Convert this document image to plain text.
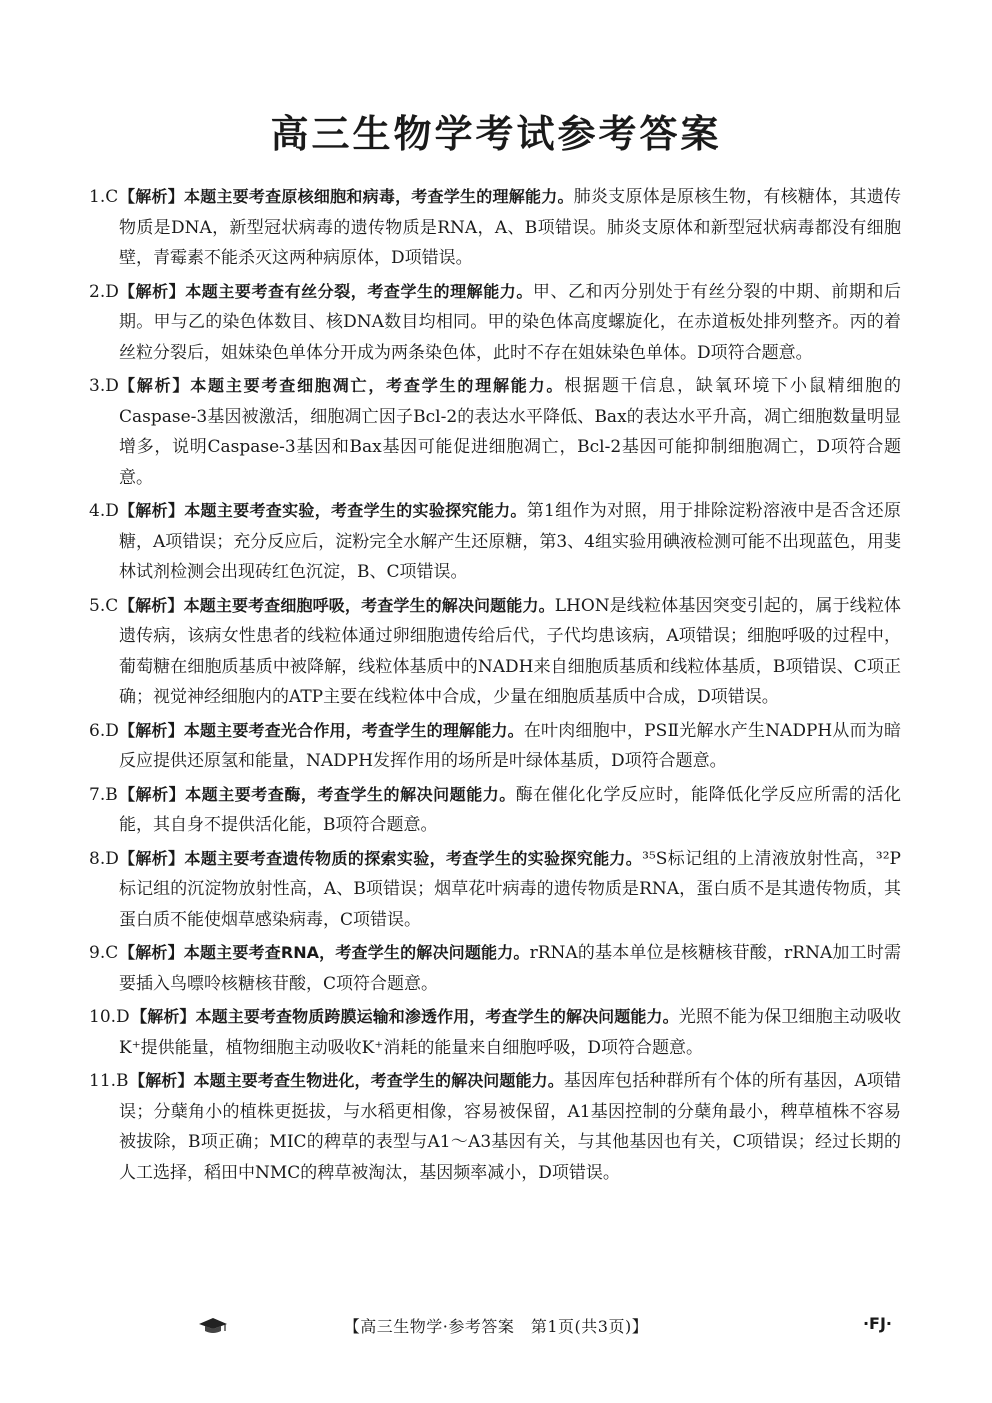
高三生物学考试参考答案
1.C 【解析】本题主要考查原核细胞和病毒，考查学生的理解能力。肺炎支原体是原核生物，有核糖体，其遗传物质是DNA，新型冠状病毒的遗传物质是RNA，A、B项错误。肺炎支原体和新型冠状病毒都没有细胞壁，青霉素不能杀灭这两种病原体，D项错误。
2.D 【解析】本题主要考查有丝分裂，考查学生的理解能力。甲、乙和丙分别处于有丝分裂的中期、前期和后期。甲与乙的染色体数目、核DNA数目均相同。甲的染色体高度螺旋化，在赤道板处排列整齐。丙的着丝粒分裂后，姐妹染色单体分开成为两条染色体，此时不存在姐妹染色单体。D项符合题意。
3.D 【解析】本题主要考查细胞凋亡，考查学生的理解能力。根据题干信息，缺氧环境下小鼠精细胞的Caspase-3基因被激活，细胞凋亡因子Bcl-2的表达水平降低、Bax的表达水平升高，凋亡细胞数量明显增多，说明Caspase-3基因和Bax基因可能促进细胞凋亡，Bcl-2基因可能抑制细胞凋亡，D项符合题意。
4.D 【解析】本题主要考查实验，考查学生的实验探究能力。第1组作为对照，用于排除淀粉溶液中是否含还原糖，A项错误；充分反应后，淀粉完全水解产生还原糖，第3、4组实验用碘液检测可能不出现蓝色，用斐林试剂检测会出现砖红色沉淀，B、C项错误。
5.C 【解析】本题主要考查细胞呼吸，考查学生的解决问题能力。LHON是线粒体基因突变引起的，属于线粒体遗传病，该病女性患者的线粒体通过卵细胞遗传给后代，子代均患该病，A项错误；细胞呼吸的过程中，葡萄糖在细胞质基质中被降解，线粒体基质中的NADH来自细胞质基质和线粒体基质，B项错误、C项正确；视觉神经细胞内的ATP主要在线粒体中合成，少量在细胞质基质中合成，D项错误。
6.D 【解析】本题主要考查光合作用，考查学生的理解能力。在叶肉细胞中，PSⅡ光解水产生NADPH从而为暗反应提供还原氢和能量，NADPH发挥作用的场所是叶绿体基质，D项符合题意。
7.B 【解析】本题主要考查酶，考查学生的解决问题能力。酶在催化化学反应时，能降低化学反应所需的活化能，其自身不提供活化能，B项符合题意。
8.D 【解析】本题主要考查遗传物质的探索实验，考查学生的实验探究能力。³⁵S标记组的上清液放射性高，³²P标记组的沉淀物放射性高，A、B项错误；烟草花叶病毒的遗传物质是RNA，蛋白质不是其遗传物质，其蛋白质不能使烟草感染病毒，C项错误。
9.C 【解析】本题主要考查RNA，考查学生的解决问题能力。rRNA的基本单位是核糖核苷酸，rRNA加工时需要插入鸟嘌呤核糖核苷酸，C项符合题意。
10.D 【解析】本题主要考查物质跨膜运输和渗透作用，考查学生的解决问题能力。光照不能为保卫细胞主动吸收K⁺提供能量，植物细胞主动吸收K⁺消耗的能量来自细胞呼吸，D项符合题意。
11.B 【解析】本题主要考查生物进化，考查学生的解决问题能力。基因库包括种群所有个体的所有基因，A项错误；分蘖角小的植株更挺拔，与水稻更相像，容易被保留，A1基因控制的分蘖角最小，稗草植株不容易被拔除，B项正确；MIC的稗草的表型与A1～A3基因有关，与其他基因也有关，C项错误；经过长期的人工选择，稻田中NMC的稗草被淘汰，基因频率减小，D项错误。
【高三生物学·参考答案　第1页(共3页)】	·FJ·
